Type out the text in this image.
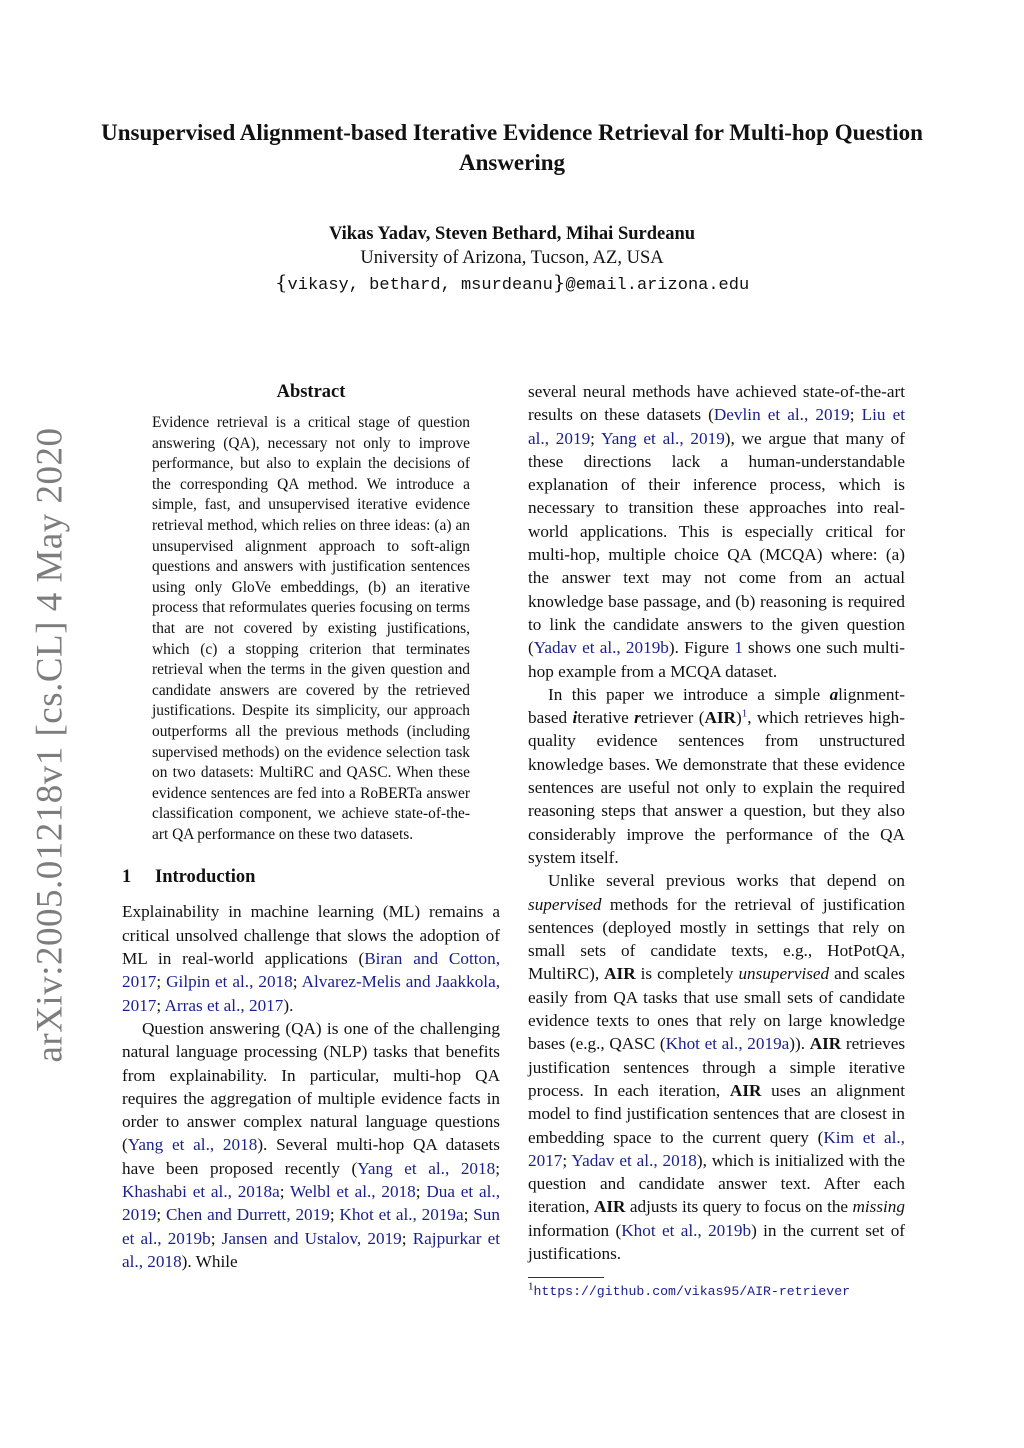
Unsupervised Alignment-based Iterative Evidence Retrieval for Multi-hop Question Answering
Vikas Yadav, Steven Bethard, Mihai Surdeanu
University of Arizona, Tucson, AZ, USA
{vikasy, bethard, msurdeanu}@email.arizona.edu
arXiv:2005.01218v1 [cs.CL] 4 May 2020
Abstract
Evidence retrieval is a critical stage of question answering (QA), necessary not only to improve performance, but also to explain the decisions of the corresponding QA method. We introduce a simple, fast, and unsupervised iterative evidence retrieval method, which relies on three ideas: (a) an unsupervised alignment approach to soft-align questions and answers with justification sentences using only GloVe embeddings, (b) an iterative process that reformulates queries focusing on terms that are not covered by existing justifications, which (c) a stopping criterion that terminates retrieval when the terms in the given question and candidate answers are covered by the retrieved justifications. Despite its simplicity, our approach outperforms all the previous methods (including supervised methods) on the evidence selection task on two datasets: MultiRC and QASC. When these evidence sentences are fed into a RoBERTa answer classification component, we achieve state-of-the-art QA performance on these two datasets.
1 Introduction

Explainability in machine learning (ML) remains a critical unsolved challenge that slows the adoption of ML in real-world applications (Biran and Cotton, 2017; Gilpin et al., 2018; Alvarez-Melis and Jaakkola, 2017; Arras et al., 2017).

Question answering (QA) is one of the challenging natural language processing (NLP) tasks that benefits from explainability. In particular, multi-hop QA requires the aggregation of multiple evidence facts in order to answer complex natural language questions (Yang et al., 2018). Several multi-hop QA datasets have been proposed recently (Yang et al., 2018; Khashabi et al., 2018a; Welbl et al., 2018; Dua et al., 2019; Chen and Durrett, 2019; Khot et al., 2019a; Sun et al., 2019b; Jansen and Ustalov, 2019; Rajpurkar et al., 2018). While

several neural methods have achieved state-of-the-art results on these datasets (Devlin et al., 2019; Liu et al., 2019; Yang et al., 2019), we argue that many of these directions lack a human-understandable explanation of their inference process, which is necessary to transition these approaches into real-world applications. This is especially critical for multi-hop, multiple choice QA (MCQA) where: (a) the answer text may not come from an actual knowledge base passage, and (b) reasoning is required to link the candidate answers to the given question (Yadav et al., 2019b). Figure 1 shows one such multi-hop example from a MCQA dataset.

In this paper we introduce a simple alignment-based iterative retriever (AIR)$^1$, which retrieves high-quality evidence sentences from unstructured knowledge bases. We demonstrate that these evidence sentences are useful not only to explain the required reasoning steps that answer a question, but they also considerably improve the performance of the QA system itself.

Unlike several previous works that depend on supervised methods for the retrieval of justification sentences (deployed mostly in settings that rely on small sets of candidate texts, e.g., HotPotQA, MultiRC), AIR is completely unsupervised and scales easily from QA tasks that use small sets of candidate evidence texts to ones that rely on large knowledge bases (e.g., QASC (Khot et al., 2019a)). AIR retrieves justification sentences through a simple iterative process. In each iteration, AIR uses an alignment model to find justification sentences that are closest in embedding space to the current query (Kim et al., 2017; Yadav et al., 2018), which is initialized with the question and candidate answer text. After each iteration, AIR adjusts its query to focus on the missing information (Khot et al., 2019b) in the current set of justifications.

$^1$https://github.com/vikas95/AIR-retriever
